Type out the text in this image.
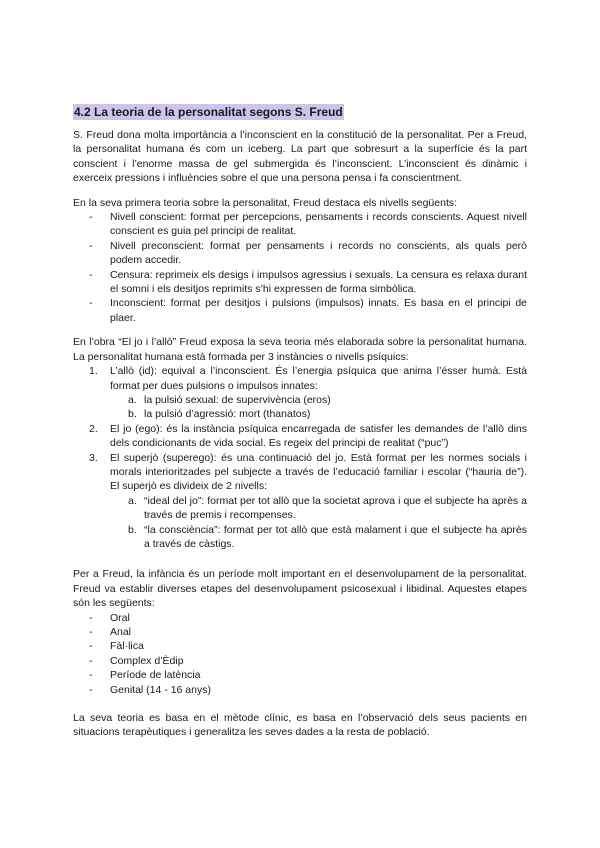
4.2 La teoria de la personalitat segons S. Freud

S. Freud dona molta importància a l’inconscient en la constitució de la personalitat. Per a Freud, la personalitat humana és com un iceberg. La part que sobresurt a la superfície és la part conscient i l’enorme massa de gel submergida és l’inconscient. L’inconscient és dinàmic i exerceix pressions i influències sobre el que una persona pensa i fa conscientment.

En la seva primera teoria sobre la personalitat, Freud destaca els nivells següents:

- Nivell conscient: format per percepcions, pensaments i records conscients. Aquest nivell conscient es guia pel principi de realitat.
- Nivell preconscient: format per pensaments i records no conscients, als quals però podem accedir.
- Censura: reprimeix els desigs i impulsos agressius i sexuals. La censura es relaxa durant el somni i els desitjos reprimits s’hi expressen de forma simbòlica.
- Inconscient: format per desitjos i pulsions (impulsos) innats. Es basa en el principi de plaer.

En l’obra “El jo i l’allò” Freud exposa la seva teoria més elaborada sobre la personalitat humana. La personalitat humana està formada per 3 instàncies o nivells psíquics:

1. L’allò (id): equival a l’inconscient. És l’energia psíquica que anima l’ésser humà. Està format per dues pulsions o impulsos innates:
a. la pulsió sexual: de supervivència (eros)
b. la pulsió d’agressió: mort (thanatos)
2. El jo (ego): és la instància psíquica encarregada de satisfer les demandes de l’allò dins dels condicionants de vida social. Es regeix del principi de realitat (“puc”)
3. El superjò (superego): és una continuació del jo. Està format per les normes socials i morals interioritzades pel subjecte a través de l’educació familiar i escolar (“hauria de”). El superjò es divideix de 2 nivells:
a. “ideal del jo”: format per tot allò que la societat aprova i que el subjecte ha après a través de premis i recompenses.
b. “la consciència”: format per tot allò que està malament i que el subjecte ha après a través de càstigs.

Per a Freud, la infància és un període molt important en el desenvolupament de la personalitat. Freud va establir diverses etapes del desenvolupament psicosexual i libidinal. Aquestes etapes són les següents:

- Oral
- Anal
- Fàl·lica
- Complex d’Èdip
- Període de latència
- Genital (14 - 16 anys)

La seva teoria es basa en el mètode clínic, es basa en l’observació dels seus pacients en situacions terapèutiques i generalitza les seves dades a la resta de població.
